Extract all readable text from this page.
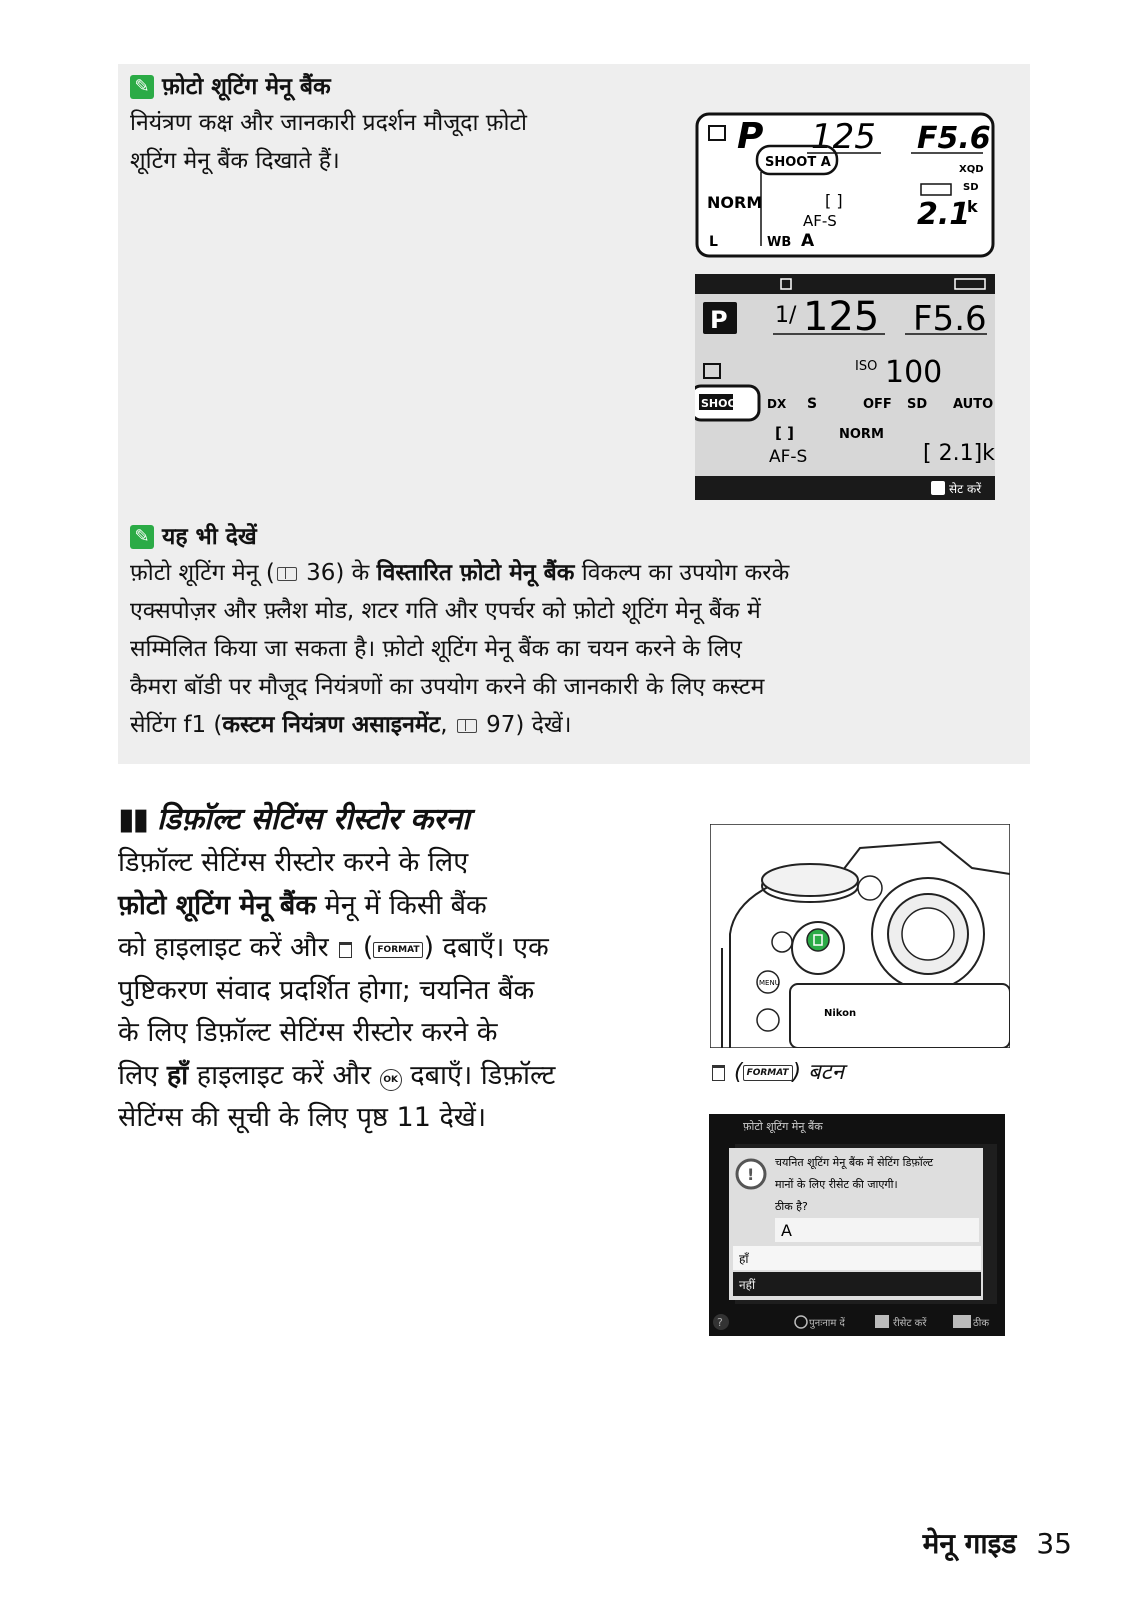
✎ फ़ोटो शूटिंग मेनू बैंक

नियंत्रण कक्ष और जानकारी प्रदर्शन मौजूदा फ़ोटो

शूटिंग मेनू बैंक दिखाते हैं।

P 125 F5.6
SHOOT A	XQD
SD
NORM	[ ]
AF-S	2.1
k
L	WB A
P 1/ 125 F5.6
ISO 100
SHOOT A DX S	OFF SD AUTO
[ ]	NORM
AF-S	[ 2.1]k
सेट करें
✎ यह भी देखें

फ़ोटो शूटिंग मेनू ( 36) के विस्तारित फ़ोटो मेनू बैंक विकल्प का उपयोग करके

एक्सपोज़र और फ़्लैश मोड, शटर गति और एपर्चर को फ़ोटो शूटिंग मेनू बैंक में

सम्मिलित किया जा सकता है। फ़ोटो शूटिंग मेनू बैंक का चयन करने के लिए

कैमरा बॉडी पर मौजूद नियंत्रणों का उपयोग करने की जानकारी के लिए कस्टम

सेटिंग f1 (कस्टम नियंत्रण असाइनमेंट,  97) देखें।

▮▮ डिफ़ॉल्ट सेटिंग्स रीस्टोर करना
डिफ़ॉल्ट सेटिंग्स रीस्टोर करने के लिए
फ़ोटो शूटिंग मेनू बैंक मेनू में किसी बैंक
को हाइलाइट करें और  ( FORMAT ) दबाएँ। एक
पुष्टिकरण संवाद प्रदर्शित होगा; चयनित बैंक
के लिए डिफ़ॉल्ट सेटिंग्स रीस्टोर करने के
लिए हाँ हाइलाइट करें और OK दबाएँ। डिफ़ॉल्ट
सेटिंग्स की सूची के लिए पृष्ठ 11 देखें।
Nikon
MENU
( FORMAT ) बटन
फ़ोटो शूटिंग मेनू बैंक
!
चयनित शूटिंग मेनू बैंक में सेटिंग डिफ़ॉल्ट
मानों के लिए रीसेट की जाएगी।
ठीक है?
A
हाँ
नहीं
?	पुनःनाम दें	रीसेट करें	ठीक
मेनू गाइड 35
